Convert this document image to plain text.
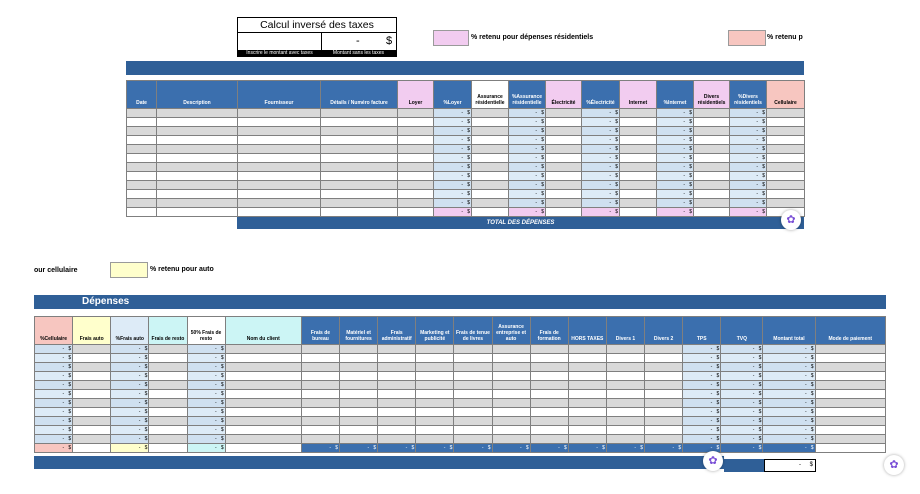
Calcul inversé des taxes
- $
Inscrire le montant avec taxes	Montant sans les taxes
% retenu pour dépenses résidentiels	% retenu p
Date	Description	Fournisseur	Détails / Numéro facture	Loyer	%Loyer	Assurance résidentielle	%Assurance résidentielle	Électricité	%Électricité	Internet	%Internet	Divers résidentiels	%Divers résidentiels	Cellulaire
					- $		- $		- $		- $		- $	
					- $		- $		- $		- $		- $	
					- $		- $		- $		- $		- $	
					- $		- $		- $		- $		- $	
					- $		- $		- $		- $		- $	
					- $		- $		- $		- $		- $	
					- $		- $		- $		- $		- $	
					- $		- $		- $		- $		- $	
					- $		- $		- $		- $		- $	
					- $		- $		- $		- $		- $	
					- $		- $		- $		- $		- $	
					- $		- $		- $		- $		- $	
TOTAL DES DÉPENSES	✿
our cellulaire	% retenu pour auto
Dépenses
%Cellulaire	Frais auto	%Frais auto	Frais de resto	50% Frais de resto	Nom du client	Frais de bureau	Matériel et fournitures	Frais administratif	Marketing et publicité	Frais de tenue de livres	Assurance entreprise et auto	Frais de formation	HORS TAXES	Divers 1	Divers 2	TPS	TVQ	Montant total	Mode de paiement
- $		- $		- $												- $	- $	- $	
- $		- $		- $												- $	- $	- $	
- $		- $		- $												- $	- $	- $	
- $		- $		- $												- $	- $	- $	
- $		- $		- $												- $	- $	- $	
- $		- $		- $												- $	- $	- $	
- $		- $		- $												- $	- $	- $	
- $		- $		- $												- $	- $	- $	
- $		- $		- $												- $	- $	- $	
- $		- $		- $												- $	- $	- $	
- $		- $		- $												- $	- $	- $	
- $		- $		- $		- $	- $	- $	- $	- $	- $	- $	- $	- $	- $	- $	- $	- $	
- $
✿	✿
